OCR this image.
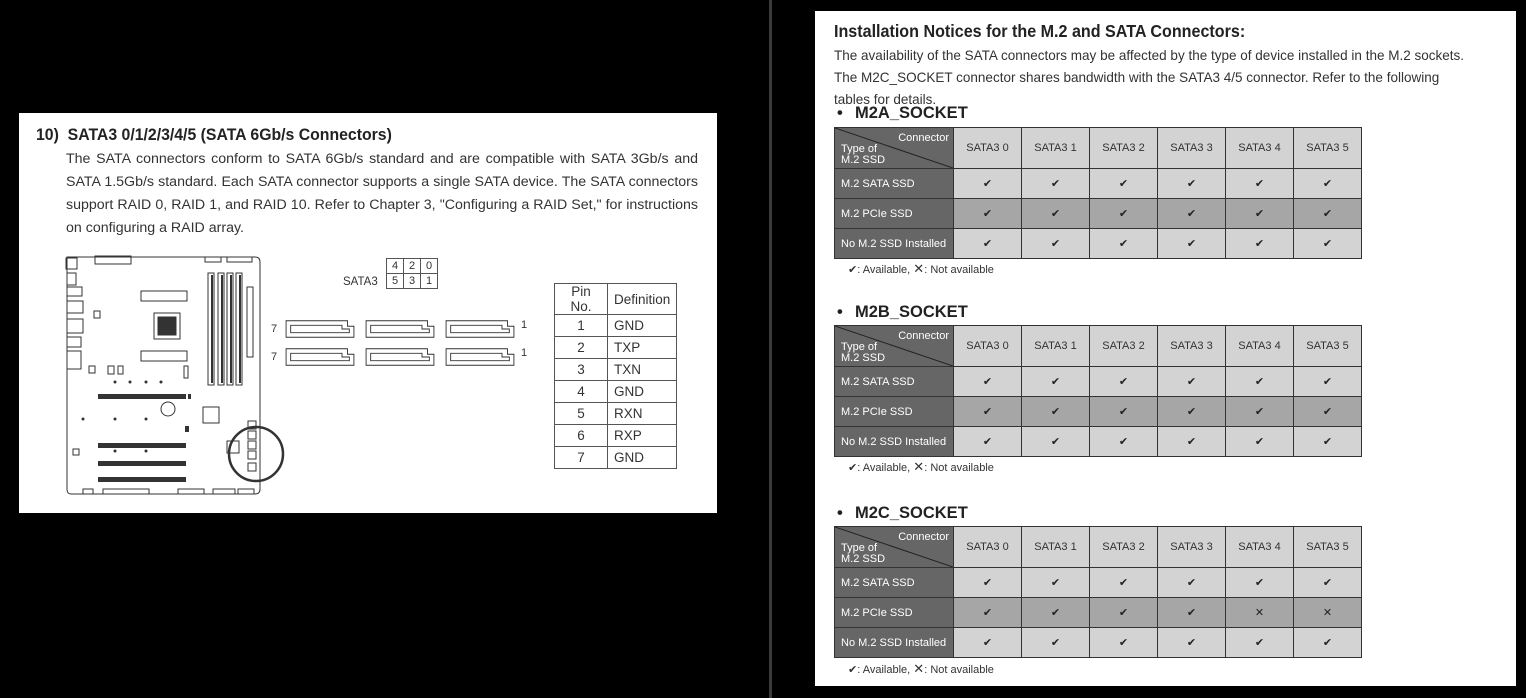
10) SATA3 0/1/2/3/4/5 (SATA 6Gb/s Connectors)
The SATA connectors conform to SATA 6Gb/s standard and are compatible with SATA 3Gb/s and SATA 1.5Gb/s standard. Each SATA connector supports a single SATA device. The SATA connectors support RAID 0, RAID 1, and RAID 10. Refer to Chapter 3, "Configuring a RAID Set," for instructions on configuring a RAID array.
SATA3
4	2	0
5	3	1
7	1
7	1
Pin No.	Definition
1	GND
2	TXP
3	TXN
4	GND
5	RXN
6	RXP
7	GND
Installation Notices for the M.2 and SATA Connectors:
The availability of the SATA connectors may be affected by the type of device installed in the M.2 sockets. The M2C_SOCKET connector shares bandwidth with the SATA3 4/5 connector. Refer to the following tables for details.
• M2A_SOCKET
Connector
Type of
M.2 SSD	SATA3 0	SATA3 1	SATA3 2	SATA3 3	SATA3 4	SATA3 5
M.2 SATA SSD	✔	✔	✔	✔	✔	✔
M.2 PCIe SSD	✔	✔	✔	✔	✔	✔
No M.2 SSD Installed	✔	✔	✔	✔	✔	✔
✔: Available, ✕: Not available
• M2B_SOCKET
Connector
Type of
M.2 SSD	SATA3 0	SATA3 1	SATA3 2	SATA3 3	SATA3 4	SATA3 5
M.2 SATA SSD	✔	✔	✔	✔	✔	✔
M.2 PCIe SSD	✔	✔	✔	✔	✔	✔
No M.2 SSD Installed	✔	✔	✔	✔	✔	✔
✔: Available, ✕: Not available
• M2C_SOCKET
Connector
Type of
M.2 SSD	SATA3 0	SATA3 1	SATA3 2	SATA3 3	SATA3 4	SATA3 5
M.2 SATA SSD	✔	✔	✔	✔	✔	✔
M.2 PCIe SSD	✔	✔	✔	✔	✕	✕
No M.2 SSD Installed	✔	✔	✔	✔	✔	✔
✔: Available, ✕: Not available
